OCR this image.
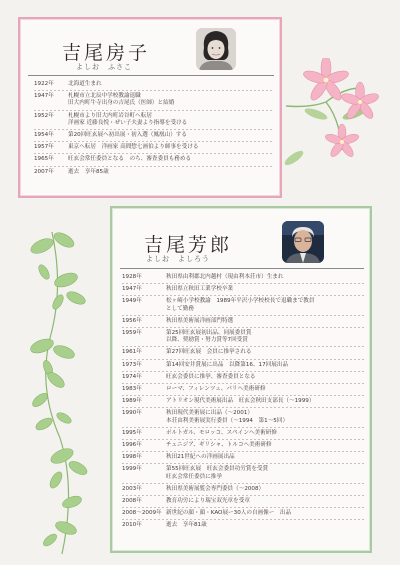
吉尾房子
よしお　ふさこ
1922年	北海道生まれ
1947年	札幌市立北辰中学校教諭退職
旧大内町牛寺出身の吉尾氏（医師）と結婚
1952年	札幌市より旧大内町岩谷町へ転居
洋画家 近藤良悦・ぜい子夫妻より指導を受ける
1954年	第20回旺玄展へ初出展・初入選（鳳凰山）する
1957年	東京へ転居　洋画家 高間惣七画伯より師事を受ける
1965年	旺玄会常任委員となる　のち、審査委員も務める
2007年	逝去　享年85歳
吉尾芳郎
よしお　よしろう
1928年	秋田県由利郡北内越村（現由利本荘市）生まれ
1947年	秋田県立秋田工業学校卒業
1949年	松ヶ崎小学校教諭　1989年平沢小学校校長で退職まで教員
として勤務
1956年	秋田県美術展洋画部門特選
1959年	第25回旺玄展初出品、同展委員賞
以降、奨励賞・努力賞等7回受賞
1961年	第27回旺玄展　会員に推挙される
1973年	第14回安井賞展に出品　以降第16、17回展出品
1974年	旺玄会委員に推挙、審査委員となる
1983年	ローマ、フィレンツェ、パリへ美術研修
1989年	アトリオン現代美術展出品　旺玄会秋田支部長（〜1999）
1990年	秋田現代美術展に出品（〜2001）
本荘由利美術展実行委員（〜1994　第1〜5回）
1995年	ポルトガル、モロッコ、スペインへ美術研修
1996年	チュニジア、ギリシャ、トルコへ美術研修
1998年	秋田21世紀への洋画展出品
1999年	第55回旺玄展　旺玄会委員功労賞を受賞
旺玄会常任委員に推挙
2003年	秋田県美術展覧会専門委員（〜2008）
2008年	教育功労により瑞宝双光章を受章
2008〜2009年 新世紀の顔・顔・KAO展ー30人の自画像ー　出品
2010年	逝去　享年81歳
